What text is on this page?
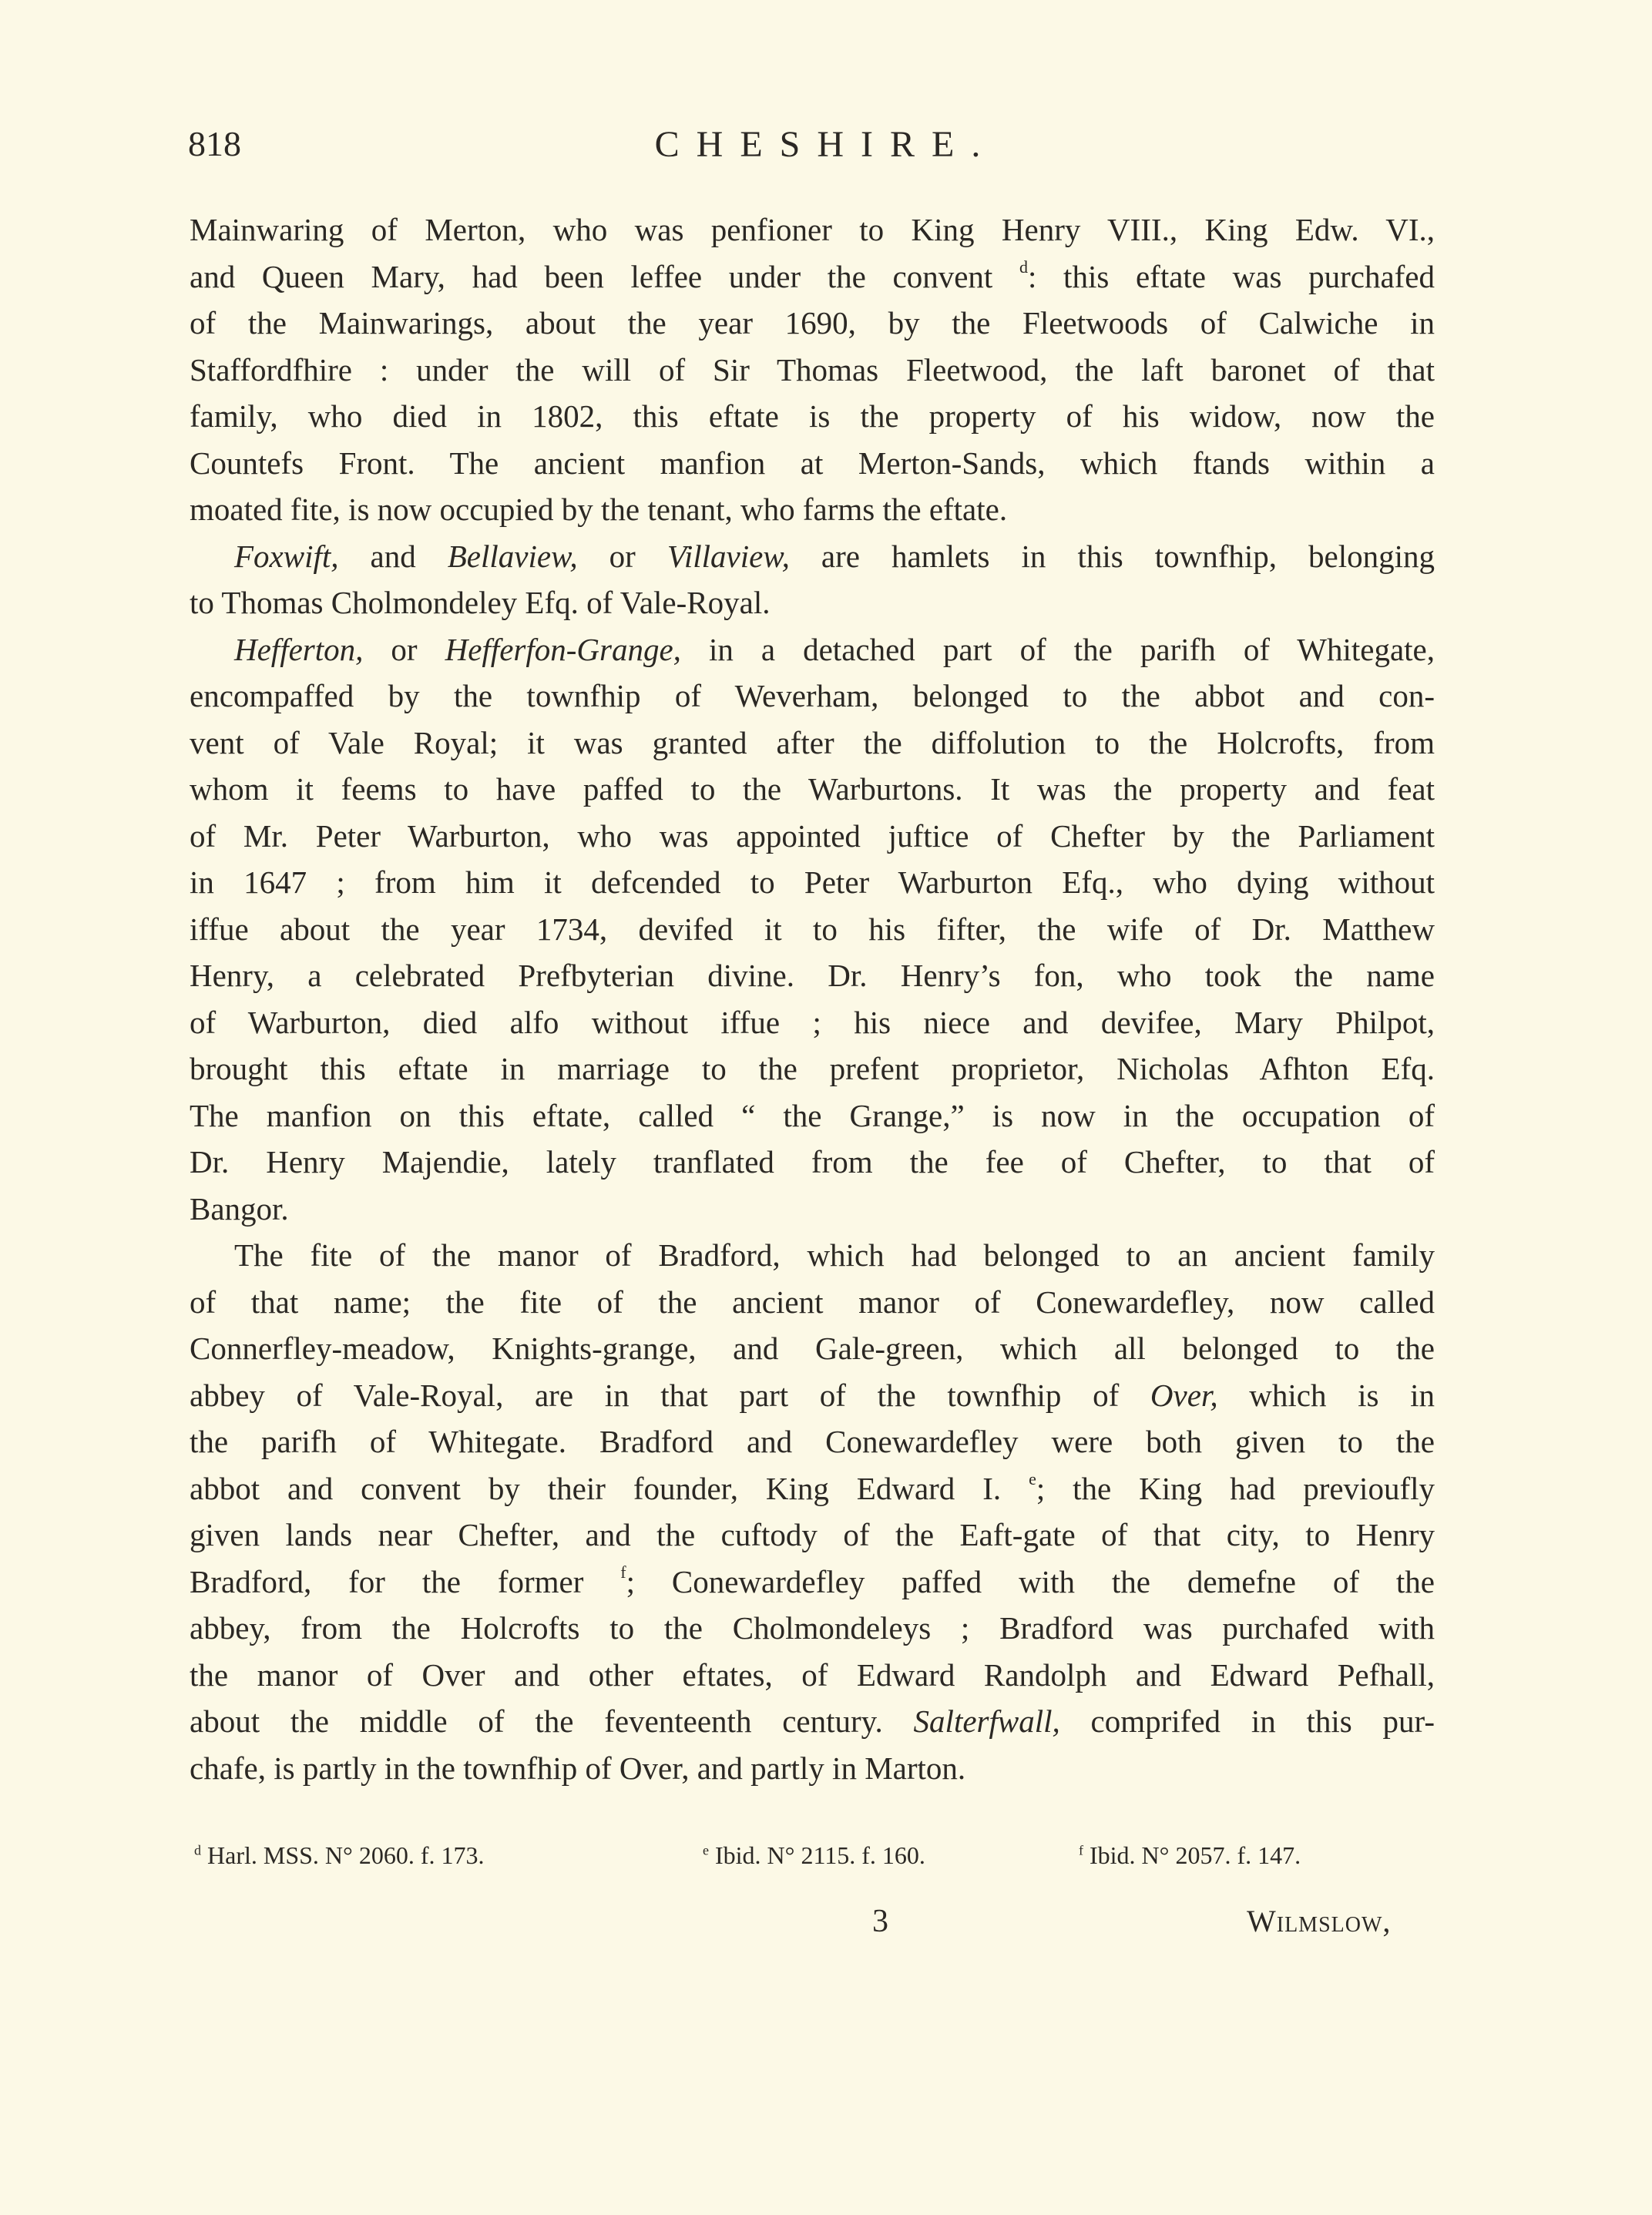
818	CHESHIRE.
Mainwaring of Merton, who was penfioner to King Henry VIII., King Edw. VI.,
and Queen Mary, had been leffee under the convent $^d$: this eftate was purchafed
of the Mainwarings, about the year 1690, by the Fleetwoods of Calwiche in
Staffordfhire : under the will of Sir Thomas Fleetwood, the laft baronet of that
family, who died in 1802, this eftate is the property of his widow, now the
Countefs Front. The ancient manfion at Merton-Sands, which ftands within a
moated fite, is now occupied by the tenant, who farms the eftate.
Foxwift, and Bellaview, or Villaview, are hamlets in this townfhip, belonging
to Thomas Cholmondeley Efq. of Vale-Royal.
Hefferton, or Hefferfon-Grange, in a detached part of the parifh of Whitegate,
encompaffed by the townfhip of Weverham, belonged to the abbot and con-
vent of Vale Royal; it was granted after the diffolution to the Holcrofts, from
whom it feems to have paffed to the Warburtons. It was the property and feat
of Mr. Peter Warburton, who was appointed juftice of Chefter by the Parliament
in 1647 ; from him it defcended to Peter Warburton Efq., who dying without
iffue about the year 1734, devifed it to his fifter, the wife of Dr. Matthew
Henry, a celebrated Prefbyterian divine. Dr. Henry’s fon, who took the name
of Warburton, died alfo without iffue ; his niece and devifee, Mary Philpot,
brought this eftate in marriage to the prefent proprietor, Nicholas Afhton Efq.
The manfion on this eftate, called “ the Grange,” is now in the occupation of
Dr. Henry Majendie, lately tranflated from the fee of Chefter, to that of
Bangor.
The fite of the manor of Bradford, which had belonged to an ancient family
of that name; the fite of the ancient manor of Conewardefley, now called
Connerfley-meadow, Knights-grange, and Gale-green, which all belonged to the
abbey of Vale-Royal, are in that part of the townfhip of Over, which is in
the parifh of Whitegate. Bradford and Conewardefley were both given to the
abbot and convent by their founder, King Edward I. $^e$; the King had previoufly
given lands near Chefter, and the cuftody of the Eaft-gate of that city, to Henry
Bradford, for the former $^f$; Conewardefley paffed with the demefne of the
abbey, from the Holcrofts to the Cholmondeleys ; Bradford was purchafed with
the manor of Over and other eftates, of Edward Randolph and Edward Pefhall,
about the middle of the feventeenth century. Salterfwall, comprifed in this pur-
chafe, is partly in the townfhip of Over, and partly in Marton.
$^d$ Harl. MSS. N° 2060. f. 173.	$^e$ Ibid. N° 2115. f. 160.	$^f$ Ibid. N° 2057. f. 147.
3	Wilmslow,
